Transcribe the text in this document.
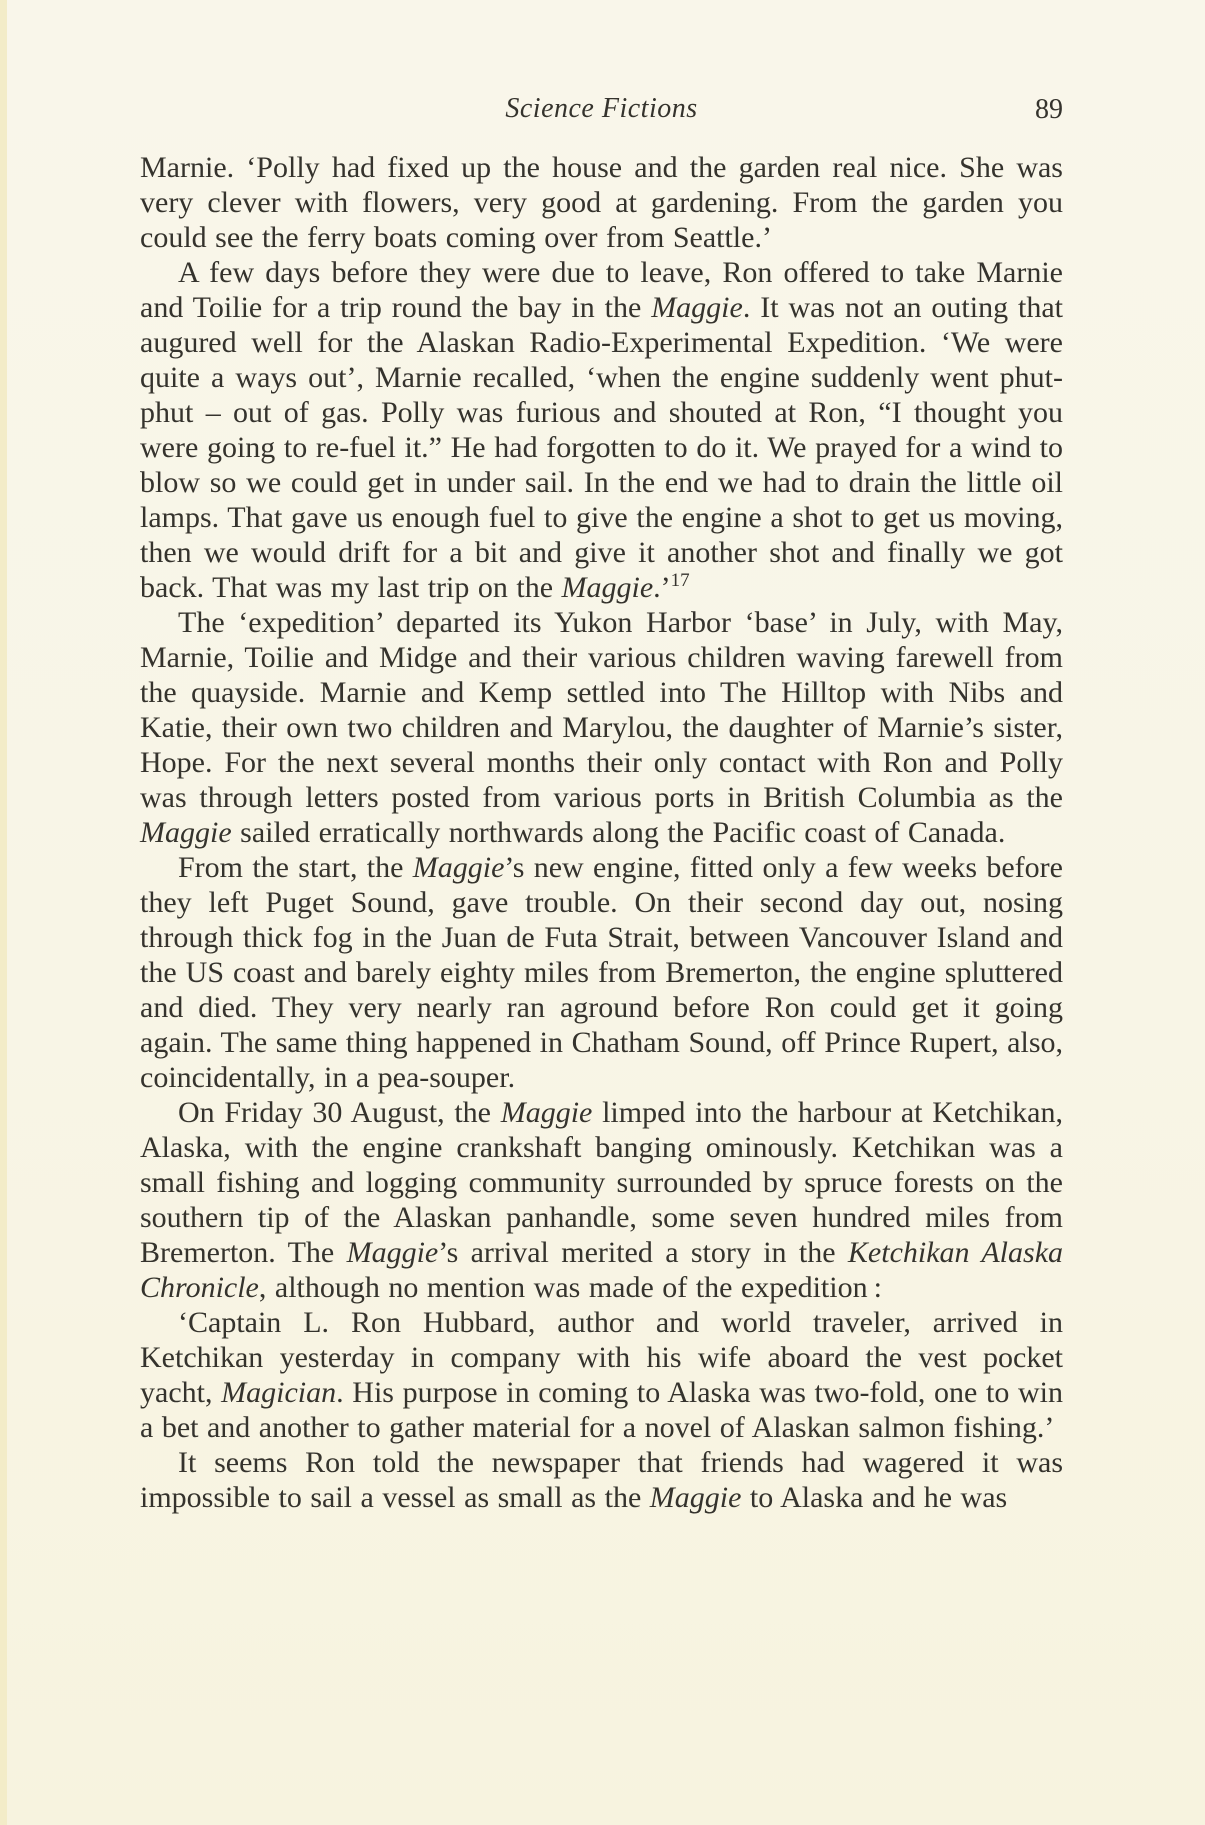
Science Fictions	89

Marnie. ‘Polly had fixed up the house and the garden real nice. She was very clever with flowers, very good at gardening. From the garden you could see the ferry boats coming over from Seattle.’

A few days before they were due to leave, Ron offered to take Marnie and Toilie for a trip round the bay in the Maggie. It was not an outing that augured well for the Alaskan Radio-Experimental Expedition. ‘We were quite a ways out’, Marnie recalled, ‘when the engine suddenly went phut-phut – out of gas. Polly was furious and shouted at Ron, “I thought you were going to re-fuel it.” He had forgotten to do it. We prayed for a wind to blow so we could get in under sail. In the end we had to drain the little oil lamps. That gave us enough fuel to give the engine a shot to get us moving, then we would drift for a bit and give it another shot and finally we got back. That was my last trip on the Maggie.’$^{17}$

The ‘expedition’ departed its Yukon Harbor ‘base’ in July, with May, Marnie, Toilie and Midge and their various children waving farewell from the quayside. Marnie and Kemp settled into The Hilltop with Nibs and Katie, their own two children and Marylou, the daughter of Marnie’s sister, Hope. For the next several months their only contact with Ron and Polly was through letters posted from various ports in British Columbia as the Maggie sailed erratically northwards along the Pacific coast of Canada.

From the start, the Maggie’s new engine, fitted only a few weeks before they left Puget Sound, gave trouble. On their second day out, nosing through thick fog in the Juan de Futa Strait, between Vancouver Island and the US coast and barely eighty miles from Bremerton, the engine spluttered and died. They very nearly ran aground before Ron could get it going again. The same thing happened in Chatham Sound, off Prince Rupert, also, coincidentally, in a pea-souper.

On Friday 30 August, the Maggie limped into the harbour at Ketchikan, Alaska, with the engine crankshaft banging ominously. Ketchikan was a small fishing and logging community surrounded by spruce forests on the southern tip of the Alaskan panhandle, some seven hundred miles from Bremerton. The Maggie’s arrival merited a story in the Ketchikan Alaska Chronicle, although no mention was made of the expedition :

‘Captain L. Ron Hubbard, author and world traveler, arrived in Ketchikan yesterday in company with his wife aboard the vest pocket yacht, Magician. His purpose in coming to Alaska was two-fold, one to win a bet and another to gather material for a novel of Alaskan salmon fishing.’

It seems Ron told the newspaper that friends had wagered it was impossible to sail a vessel as small as the Maggie to Alaska and he was
